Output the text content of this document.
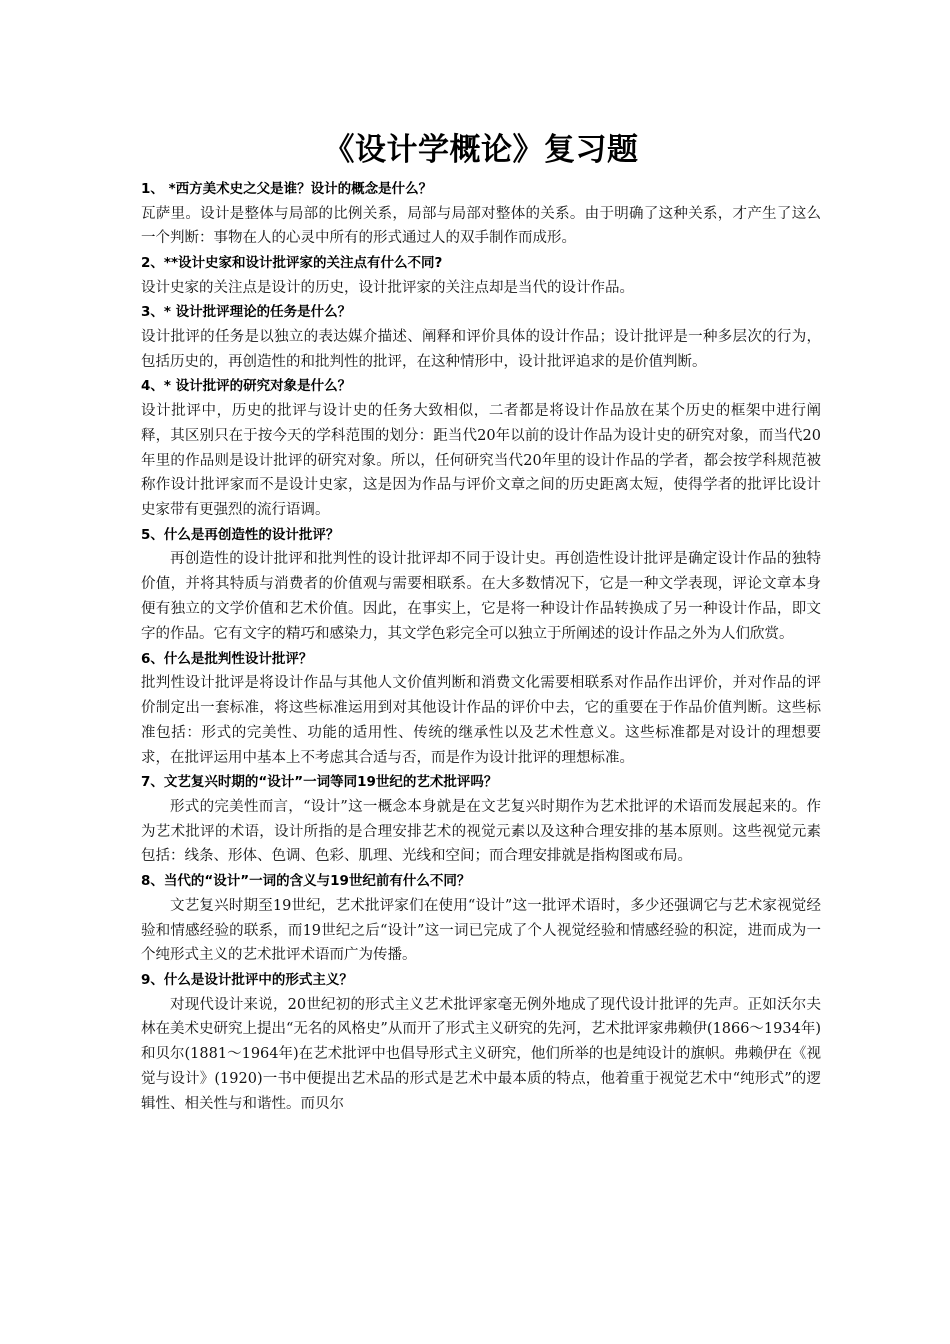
《设计学概论》复习题

1、 *西方美术史之父是谁？设计的概念是什么？

瓦萨里。设计是整体与局部的比例关系，局部与局部对整体的关系。由于明确了这种关系，才产生了这么一个判断：事物在人的心灵中所有的形式通过人的双手制作而成形。

2、**设计史家和设计批评家的关注点有什么不同?

设计史家的关注点是设计的历史，设计批评家的关注点却是当代的设计作品。

3、* 设计批评理论的任务是什么？

设计批评的任务是以独立的表达媒介描述、阐释和评价具体的设计作品；设计批评是一种多层次的行为，包括历史的，再创造性的和批判性的批评，在这种情形中，设计批评追求的是价值判断。

4、* 设计批评的研究对象是什么？

设计批评中，历史的批评与设计史的任务大致相似，二者都是将设计作品放在某个历史的框架中进行阐释，其区别只在于按今天的学科范围的划分：距当代20年以前的设计作品为设计史的研究对象，而当代20年里的作品则是设计批评的研究对象。所以，任何研究当代20年里的设计作品的学者，都会按学科规范被称作设计批评家而不是设计史家，这是因为作品与评价文章之间的历史距离太短，使得学者的批评比设计史家带有更强烈的流行语调。

5、什么是再创造性的设计批评？

再创造性的设计批评和批判性的设计批评却不同于设计史。再创造性设计批评是确定设计作品的独特价值，并将其特质与消费者的价值观与需要相联系。在大多数情况下，它是一种文学表现，评论文章本身便有独立的文学价值和艺术价值。因此，在事实上，它是将一种设计作品转换成了另一种设计作品，即文字的作品。它有文字的精巧和感染力，其文学色彩完全可以独立于所阐述的设计作品之外为人们欣赏。

6、什么是批判性设计批评？

批判性设计批评是将设计作品与其他人文价值判断和消费文化需要相联系对作品作出评价，并对作品的评价制定出一套标准，将这些标准运用到对其他设计作品的评价中去，它的重要在于作品价值判断。这些标准包括：形式的完美性、功能的适用性、传统的继承性以及艺术性意义。这些标准都是对设计的理想要求，在批评运用中基本上不考虑其合适与否，而是作为设计批评的理想标准。

7、文艺复兴时期的“设计”一词等同19世纪的艺术批评吗？

形式的完美性而言，“设计”这一概念本身就是在文艺复兴时期作为艺术批评的术语而发展起来的。作为艺术批评的术语，设计所指的是合理安排艺术的视觉元素以及这种合理安排的基本原则。这些视觉元素包括：线条、形体、色调、色彩、肌理、光线和空间；而合理安排就是指构图或布局。

8、当代的“设计”一词的含义与19世纪前有什么不同？

文艺复兴时期至19世纪，艺术批评家们在使用“设计”这一批评术语时，多少还强调它与艺术家视觉经验和情感经验的联系，而19世纪之后“设计”这一词已完成了个人视觉经验和情感经验的积淀，进而成为一个纯形式主义的艺术批评术语而广为传播。

9、什么是设计批评中的形式主义？

对现代设计来说，20世纪初的形式主义艺术批评家毫无例外地成了现代设计批评的先声。正如沃尔夫林在美术史研究上提出“无名的风格史”从而开了形式主义研究的先河，艺术批评家弗赖伊(1866～1934年)和贝尔(1881～1964年)在艺术批评中也倡导形式主义研究，他们所举的也是纯设计的旗帜。弗赖伊在《视觉与设计》(1920)一书中便提出艺术品的形式是艺术中最本质的特点，他着重于视觉艺术中“纯形式”的逻辑性、相关性与和谐性。而贝尔
